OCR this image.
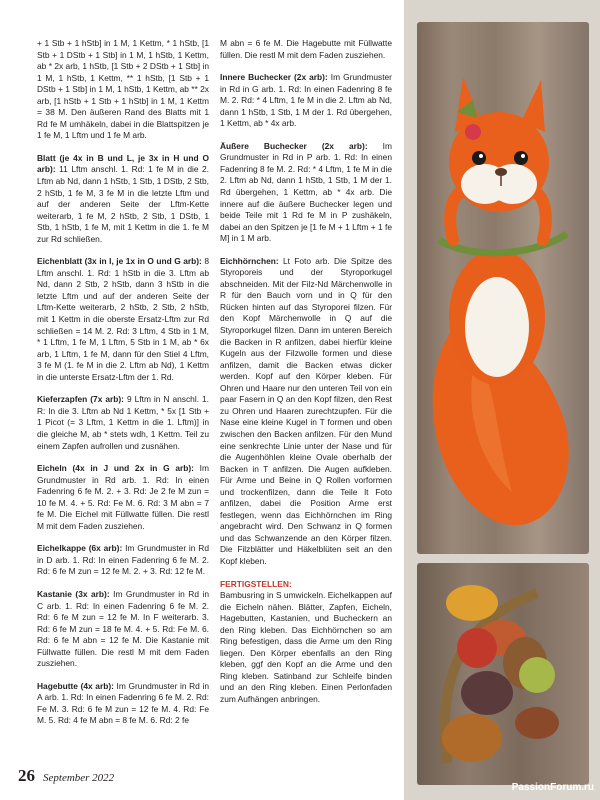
+ 1 Stb + 1 hStb] in 1 M, 1 Kettm, * 1 hStb, [1 Stb + 1 DStb + 1 Stb] in 1 M, 1 hStb, 1 Kettm, ab * 2x arb, 1 hStb, [1 Stb + 2 DStb + 1 Stb] in 1 M, 1 hStb, 1 Kettm, ** 1 hStb, [1 Stb + 1 DStb + 1 Stb] in 1 M, 1 hStb, 1 Kettm, ab ** 2x arb, [1 hStb + 1 Stb + 1 hStb] in 1 M, 1 Kettm = 38 M. Den äußeren Rand des Blatts mit 1 Rd fe M umhäkeln, dabei in die Blattspitzen je 1 fe M, 1 Lftm und 1 fe M arb.

Blatt (je 4x in B und L, je 3x in H und O arb): 11 Lftm anschl. 1. Rd: 1 fe M in die 2. Lftm ab Nd, dann 1 hStb, 1 Stb, 1 DStb, 2 Stb, 2 hStb, 1 fe M, 3 fe M in die letzte Lftm und auf der anderen Seite der Lftm-Kette weiterarb, 1 fe M, 2 hStb, 2 Stb, 1 DStb, 1 Stb, 1 hStb, 1 fe M, mit 1 Kettm in die 1. fe M zur Rd schließen.

Eichenblatt (3x in I, je 1x in O und G arb): 8 Lftm anschl. 1. Rd: 1 hStb in die 3. Lftm ab Nd, dann 2 Stb, 2 hStb, dann 3 hStb in die letzte Lftm und auf der anderen Seite der Lftm-Kette weiterarb, 2 hStb, 2 Stb, 2 hStb, mit 1 Kettm in die oberste Ersatz-Lftm zur Rd schließen = 14 M. 2. Rd: 3 Lftm, 4 Stb in 1 M, * 1 Lftm, 1 fe M, 1 Lftm, 5 Stb in 1 M, ab * 6x arb, 1 Lftm, 1 fe M, dann für den Stiel 4 Lftm, 3 fe M (1. fe M in die 2. Lftm ab Nd), 1 Kettm in die unterste Ersatz-Lftm der 1. Rd.

Kieferzapfen (7x arb): 9 Lftm in N anschl. 1. R: In die 3. Lftm ab Nd 1 Kettm, * 5x [1 Stb + 1 Picot (= 3 Lftm, 1 Kettm in die 1. Lftm)] in die gleiche M, ab * stets wdh, 1 Kettm. Teil zu einem Zapfen aufrollen und zusnähen.

Eicheln (4x in J und 2x in G arb): Im Grundmuster in Rd arb. 1. Rd: In einen Fadenring 6 fe M. 2. + 3. Rd: Je 2 fe M zun = 10 fe M. 4. + 5. Rd: Fe M. 6. Rd: 3 M abn = 7 fe M. Die Eichel mit Füllwatte füllen. Die restl M mit dem Faden zusziehen.

Eichelkappe (6x arb): Im Grundmuster in Rd in D arb. 1. Rd: In einen Fadenring 6 fe M. 2. Rd: 6 fe M zun = 12 fe M. 2. + 3. Rd: 12 fe M.

Kastanie (3x arb): Im Grundmuster in Rd in C arb. 1. Rd: In einen Fadenring 6 fe M. 2. Rd: 6 fe M zun = 12 fe M. In F weiterarb. 3. Rd: 6 fe M zun = 18 fe M. 4. + 5. Rd: Fe M. 6. Rd: 6 fe M abn = 12 fe M. Die Kastanie mit Füllwatte füllen. Die restl M mit dem Faden zusziehen.

Hagebutte (4x arb): Im Grundmuster in Rd in A arb. 1. Rd: In einen Fadenring 6 fe M. 2. Rd: Fe M. 3. Rd: 6 fe M zun = 12 fe M. 4. Rd: Fe M. 5. Rd: 4 fe M abn = 8 fe M. 6. Rd: 2 fe

M abn = 6 fe M. Die Hagebutte mit Füllwatte füllen. Die restl M mit dem Faden zusziehen.

Innere Buchecker (2x arb): Im Grundmuster in Rd in G arb. 1. Rd: In einen Fadenring 8 fe M. 2. Rd: * 4 Lftm, 1 fe M in die 2. Lftm ab Nd, dann 1 hStb, 1 Stb, 1 M der 1. Rd übergehen, 1 Kettm, ab * 4x arb.

Äußere Buchecker (2x arb): Im Grundmuster in Rd in P arb. 1. Rd: In einen Fadenring 8 fe M. 2. Rd: * 4 Lftm, 1 fe M in die 2. Lftm ab Nd, dann 1 hStb, 1 Stb, 1 M der 1. Rd übergehen, 1 Kettm, ab * 4x arb. Die innere auf die äußere Buchecker legen und beide Teile mit 1 Rd fe M in P zushäkeln, dabei an den Spitzen je [1 fe M + 1 Lftm + 1 fe M] in 1 M arb.

Eichhörnchen: Lt Foto arb. Die Spitze des Styroporeis und der Styroporkugel abschneiden. Mit der Filz-Nd Märchenwolle in R für den Bauch vorn und in Q für den Rücken hinten auf das Styroporei filzen. Für den Kopf Märchenwolle in Q auf die Styroporkugel filzen. Dann im unteren Bereich die Backen in R anfilzen, dabei hierfür kleine Kugeln aus der Filzwolle formen und diese anfilzen, damit die Backen etwas dicker werden. Kopf auf den Körper kleben. Für Ohren und Haare nur den unteren Teil von ein paar Fasern in Q an den Kopf filzen, den Rest zu Ohren und Haaren zurechtzupfen. Für die Nase eine kleine Kugel in T formen und oben zwischen den Backen anfilzen. Für den Mund eine senkrechte Linie unter der Nase und für die Augenhöhlen kleine Ovale oberhalb der Backen in T anfilzen. Die Augen aufkleben. Für Arme und Beine in Q Rollen vorformen und trockenfilzen, dann die Teile lt Foto anfilzen, dabei die Position Arme erst festlegen, wenn das Eichhörnchen im Ring angebracht wird. Den Schwanz in Q formen und das Schwanzende an den Körper filzen. Die Filzblätter und Häkelblüten seit an den Kopf kleben.

FERTIGSTELLEN:

Bambusring in S umwickeln. Eichelkappen auf die Eicheln nähen. Blätter, Zapfen, Eicheln, Hagebutten, Kastanien, und Bucheckern an den Ring kleben. Das Eichhörnchen so am Ring befestigen, dass die Arme um den Ring liegen. Den Körper ebenfalls an den Ring kleben, ggf den Kopf an die Arme und den Ring kleben. Satinband zur Schleife binden und an den Ring kleben. Einen Perlonfaden zum Aufhängen anbringen.

26 September 2022
PassionForum.ru
